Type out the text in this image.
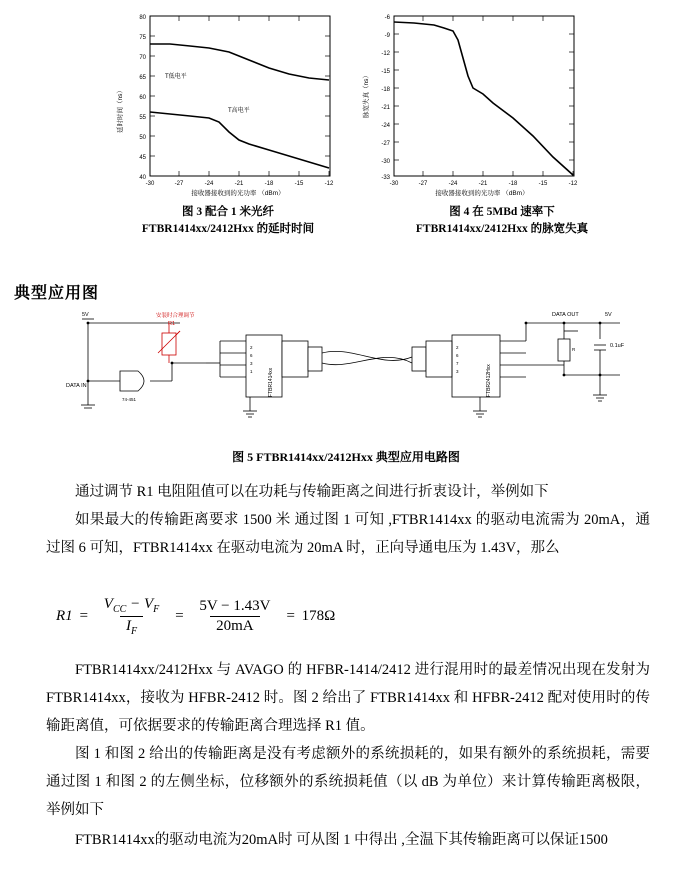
80
75
70
65
60
55
50
45
40
-30	-27	-24	-21	-18	-15	-12
T低电平
T高电平
延时时间（ns）
接收器接收到的光功率 （dBm）
-6
-9
-12
-15
-18
-21
-24
-27
-30
-33
-30	-27	-24	-21	-18	-15	-12
脉宽失真（ns）
接收器接收到的光功率 （dBm）
图 3 配合 1 米光纤
FTBR1414xx/2412Hxx 的延时时间
图 4 在 5MBd 速率下
FTBR1414xx/2412Hxx 的脉宽失真
典型应用图
5V	安装时合理调节
R1
DATA IN
74-451
2
6
3
1	FTBR1414xx
2
6
7
3	FTBR2412Hxx
DATA OUT	5V
R
0.1uF
图 5 FTBR1414xx/2412Hxx 典型应用电路图
通过调节 R1 电阻阻值可以在功耗与传输距离之间进行折衷设计，举例如下
如果最大的传输距离要求 1500 米 通过图 1 可知 ,FTBR1414xx 的驱动电流需为 20mA，通过图 6 可知，FTBR1414xx 在驱动电流为 20mA 时，正向导通电压为 1.43V，那么
$R1 = \frac{V_{CC} - V_F}{I_F} = \frac{5V - 1.43V}{20mA} = 178\Omega$
FTBR1414xx/2412Hxx 与 AVAGO 的 HFBR-1414/2412 进行混用时的最差情况出现在发射为 FTBR1414xx，接收为 HFBR-2412 时。图 2 给出了 FTBR1414xx 和 HFBR-2412 配对使用时的传输距离值，可依据要求的传输距离合理选择 R1 值。
图 1 和图 2 给出的传输距离是没有考虑额外的系统损耗的，如果有额外的系统损耗，需要通过图 1 和图 2 的左侧坐标，位移额外的系统损耗值（以 dB 为单位）来计算传输距离极限，举例如下
FTBR1414xx的驱动电流为20mA时 可从图 1 中得出 ,全温下其传输距离可以保证1500
